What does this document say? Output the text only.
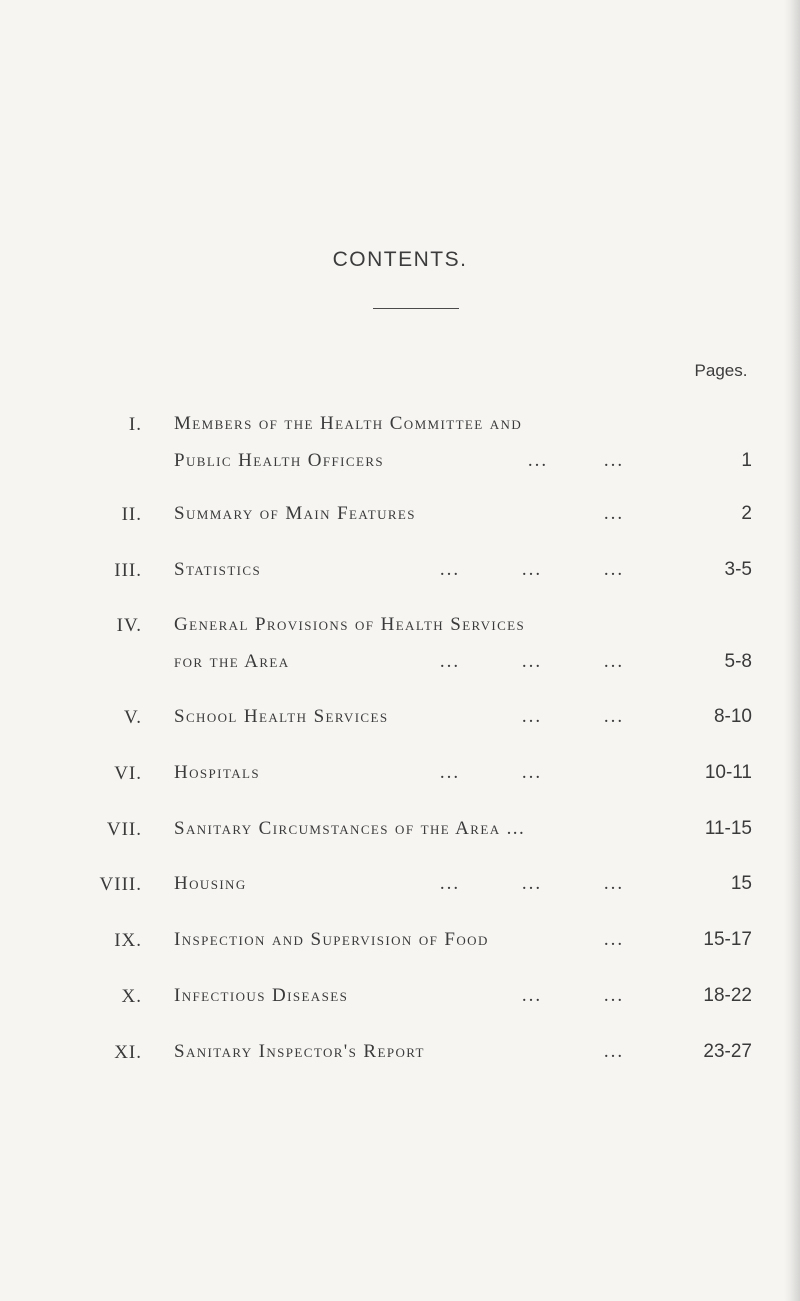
CONTENTS.
Pages.
I. Members of the Health Committee and
Public Health Officers	...	...	1
II. Summary of Main Features	...	2
III. Statistics	...	...	...	3-5
IV. General Provisions of Health Services
for the Area	...	...	...	5-8
V. School Health Services	...	...	8-10
VI. Hospitals	...	...	10-11
VII. Sanitary Circumstances of the Area ...	11-15
VIII. Housing	...	...	...	15
IX. Inspection and Supervision of Food	...	15-17
X. Infectious Diseases	...	...	18-22
XI. Sanitary Inspector's Report	...	23-27
